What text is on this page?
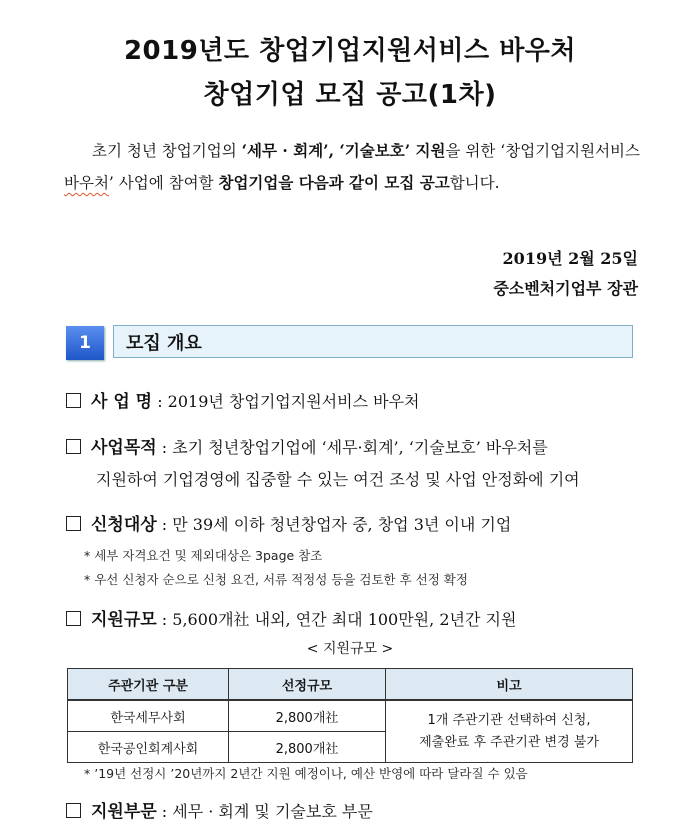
2019년도 창업기업지원서비스 바우처
창업기업 모집 공고(1차)

초기 청년 창업기업의 ‘세무 · 회계’, ‘기술보호’ 지원을 위한 ‘창업기업지원서비스 바우처’ 사업에 참여할 창업기업을 다음과 같이 모집 공고합니다.

2019년 2월 25일
중소벤처기업부 장관
1	모집 개요
사 업 명 : 2019년 창업기업지원서비스 바우처
사업목적 : 초기 청년창업기업에 ‘세무·회계’, ‘기술보호’ 바우처를
지원하여 기업경영에 집중할 수 있는 여건 조성 및 사업 안정화에 기여
신청대상 : 만 39세 이하 청년창업자 중, 창업 3년 이내 기업
* 세부 자격요건 및 제외대상은 3page 참조
* 우선 신청자 순으로 신청 요건, 서류 적정성 등을 검토한 후 선정 확정
지원규모 : 5,600개社 내외, 연간 최대 100만원, 2년간 지원
< 지원규모 >
주관기관 구분	선정규모	비고
한국세무사회	2,800개社	1개 주관기관 선택하여 신청,
제출완료 후 주관기관 변경 불가

한국공인회계사회	2,800개社	
* ’19년 선정시 ’20년까지 2년간 지원 예정이나, 예산 반영에 따라 달라질 수 있음
지원부문 : 세무 · 회계 및 기술보호 부문
